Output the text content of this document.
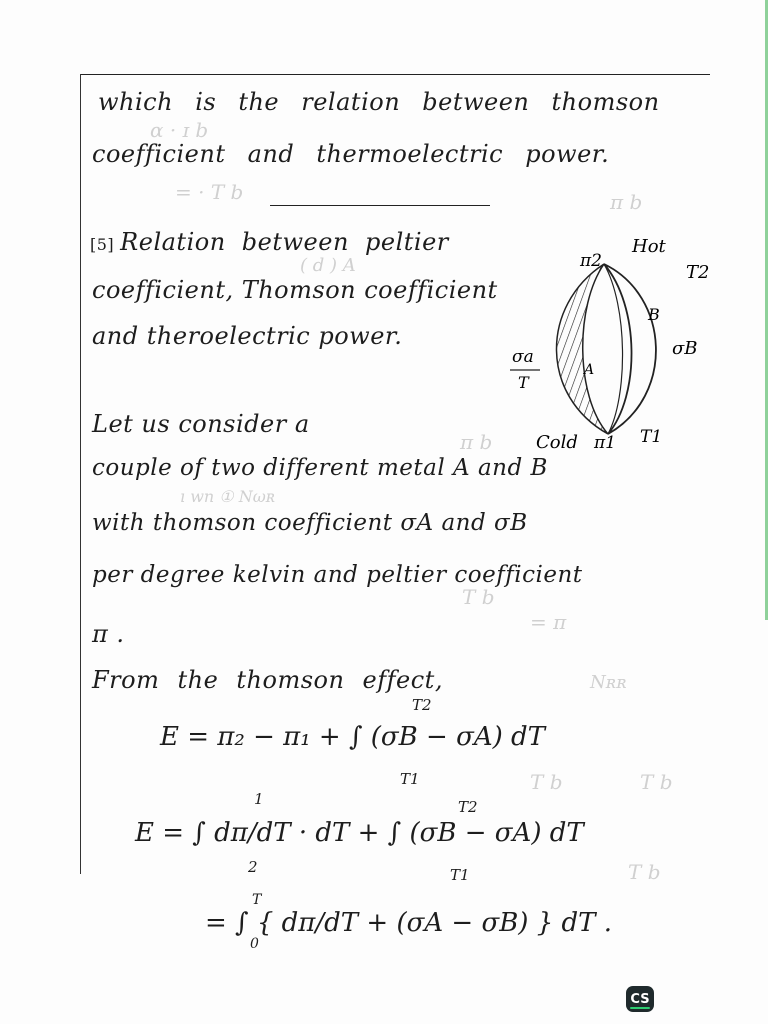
ɑ · ɪ b
= · T b	π b
( d ) A
π b
ı wn ① Nωʀ
T b
= π
Nʀʀ
T b	T b
T b
which is the relation between thomson
coefficient and thermoelectric power.
[5] Relation between peltier
coefficient, Thomson coefficient
and theroelectric power.
Let us consider a
couple of two different metal A and B
with thomson coefficient σA and σB
per degree kelvin and peltier coefficient
π .
From the thomson effect,
E = π₂ − π₁ + ∫ (σB − σA) dT
T2
T1
E = ∫ dπ/dT · dT + ∫ (σB − σA) dT
1
2
T2
T1
= ∫ { dπ/dT + (σA − σB) } dT .
T
0
π2
Hot
T2
B
σB
σa
T
A
Cold π1 T1
CS
